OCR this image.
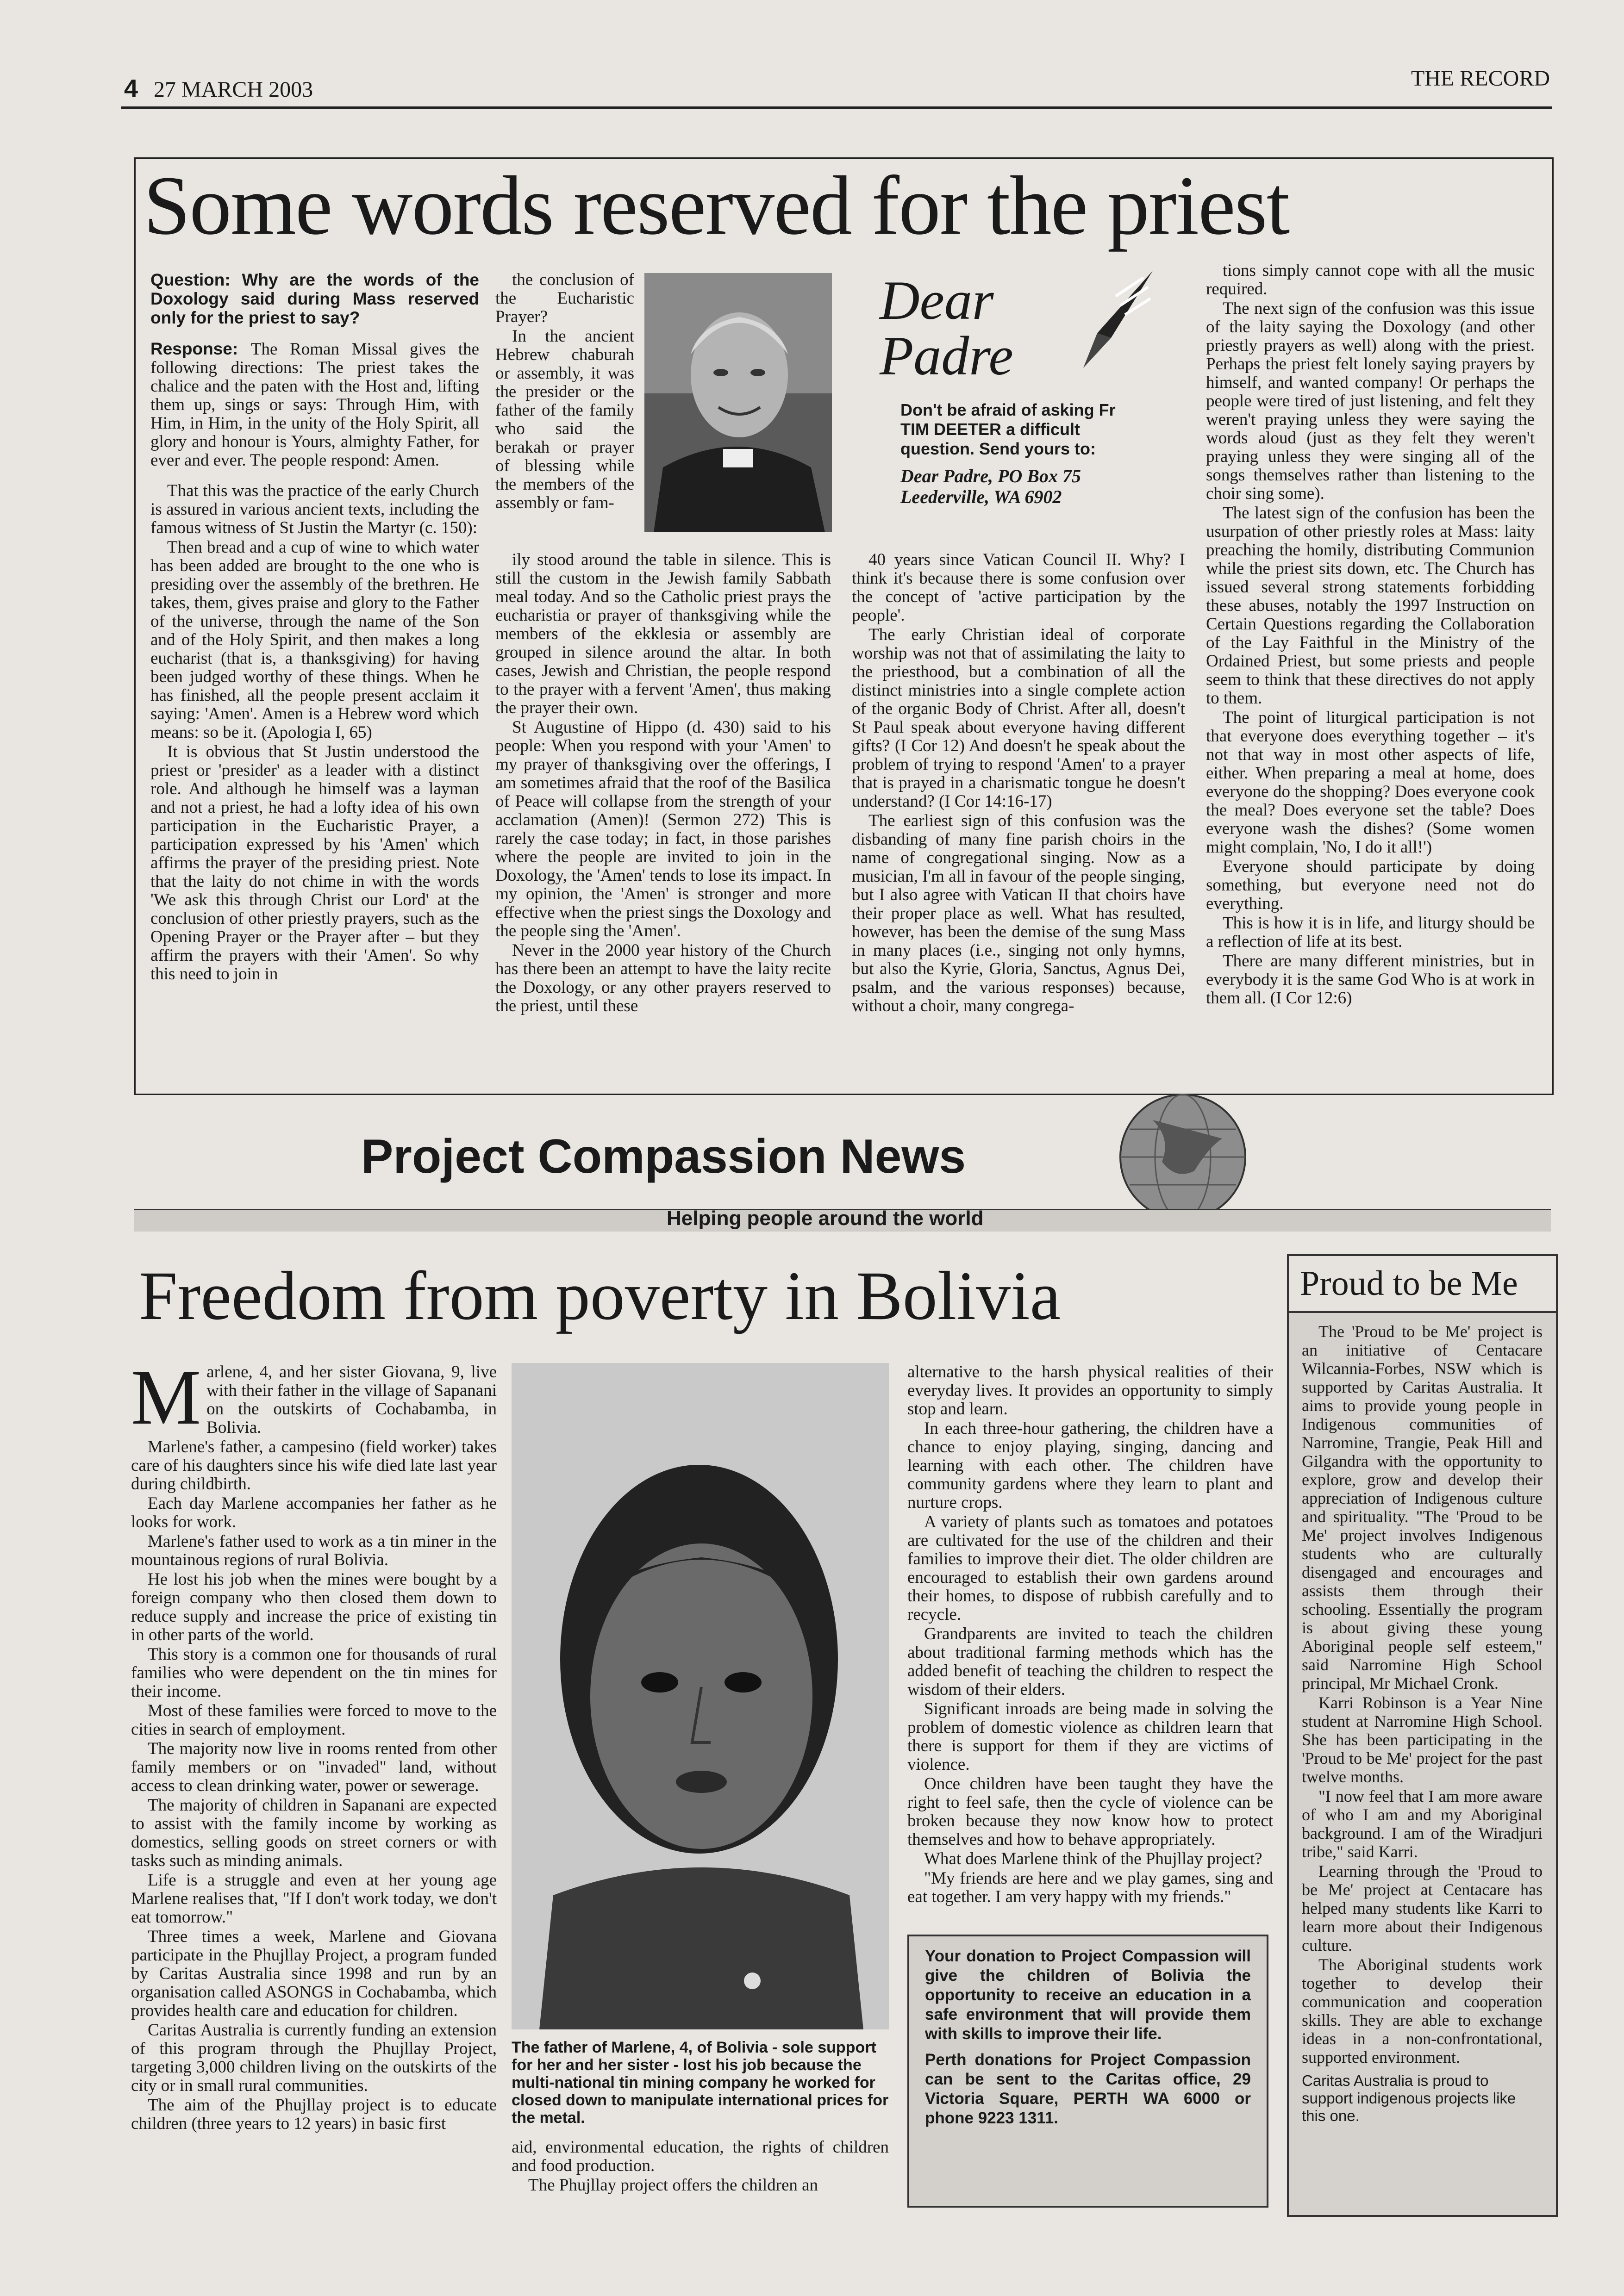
4 27 MARCH 2003	THE RECORD
Some words reserved for the priest

Question: Why are the words of the Doxology said during Mass reserved only for the priest to say?

Response: The Roman Missal gives the following directions: The priest takes the chalice and the paten with the Host and, lifting them up, sings or says: Through Him, with Him, in Him, in the unity of the Holy Spirit, all glory and honour is Yours, almighty Father, for ever and ever. The people respond: Amen.

That this was the practice of the early Church is assured in various ancient texts, including the famous witness of St Justin the Martyr (c. 150):

Then bread and a cup of wine to which water has been added are brought to the one who is presiding over the assembly of the brethren. He takes, them, gives praise and glory to the Father of the universe, through the name of the Son and of the Holy Spirit, and then makes a long eucharist (that is, a thanksgiving) for having been judged worthy of these things. When he has finished, all the people present acclaim it saying: 'Amen'. Amen is a Hebrew word which means: so be it. (Apologia I, 65)

It is obvious that St Justin understood the priest or 'presider' as a leader with a distinct role. And although he himself was a layman and not a priest, he had a lofty idea of his own participation in the Eucharistic Prayer, a participation expressed by his 'Amen' which affirms the prayer of the presiding priest. Note that the laity do not chime in with the words 'We ask this through Christ our Lord' at the conclusion of other priestly prayers, such as the Opening Prayer or the Prayer after – but they affirm the prayers with their 'Amen'. So why this need to join in

the conclusion of the Eucharistic Prayer?

In the ancient Hebrew chaburah or assembly, it was the presider or the father of the family who said the berakah or prayer of blessing while the members of the assembly or fam-

Dear
Padre
Don't be afraid of asking Fr TIM DEETER a difficult question. Send yours to:
Dear Padre, PO Box 75
Leederville, WA 6902

ily stood around the table in silence. This is still the custom in the Jewish family Sabbath meal today. And so the Catholic priest prays the eucharistia or prayer of thanksgiving while the members of the ekklesia or assembly are grouped in silence around the altar. In both cases, Jewish and Christian, the people respond to the prayer with a fervent 'Amen', thus making the prayer their own.

St Augustine of Hippo (d. 430) said to his people: When you respond with your 'Amen' to my prayer of thanksgiving over the offerings, I am sometimes afraid that the roof of the Basilica of Peace will collapse from the strength of your acclamation (Amen)! (Sermon 272) This is rarely the case today; in fact, in those parishes where the people are invited to join in the Doxology, the 'Amen' tends to lose its impact. In my opinion, the 'Amen' is stronger and more effective when the priest sings the Doxology and the people sing the 'Amen'.

Never in the 2000 year history of the Church has there been an attempt to have the laity recite the Doxology, or any other prayers reserved to the priest, until these

40 years since Vatican Council II. Why? I think it's because there is some confusion over the concept of 'active participation by the people'.

The early Christian ideal of corporate worship was not that of assimilating the laity to the priesthood, but a combination of all the distinct ministries into a single complete action of the organic Body of Christ. After all, doesn't St Paul speak about everyone having different gifts? (I Cor 12) And doesn't he speak about the problem of trying to respond 'Amen' to a prayer that is prayed in a charismatic tongue he doesn't understand? (I Cor 14:16-17)

The earliest sign of this confusion was the disbanding of many fine parish choirs in the name of congregational singing. Now as a musician, I'm all in favour of the people singing, but I also agree with Vatican II that choirs have their proper place as well. What has resulted, however, has been the demise of the sung Mass in many places (i.e., singing not only hymns, but also the Kyrie, Gloria, Sanctus, Agnus Dei, psalm, and the various responses) because, without a choir, many congrega-

tions simply cannot cope with all the music required.

The next sign of the confusion was this issue of the laity saying the Doxology (and other priestly prayers as well) along with the priest. Perhaps the priest felt lonely saying prayers by himself, and wanted company! Or perhaps the people were tired of just listening, and felt they weren't praying unless they were saying the words aloud (just as they felt they weren't praying unless they were singing all of the songs themselves rather than listening to the choir sing some).

The latest sign of the confusion has been the usurpation of other priestly roles at Mass: laity preaching the homily, distributing Communion while the priest sits down, etc. The Church has issued several strong statements forbidding these abuses, notably the 1997 Instruction on Certain Questions regarding the Collaboration of the Lay Faithful in the Ministry of the Ordained Priest, but some priests and people seem to think that these directives do not apply to them.

The point of liturgical participation is not that everyone does everything together – it's not that way in most other aspects of life, either. When preparing a meal at home, does everyone do the shopping? Does everyone cook the meal? Does everyone set the table? Does everyone wash the dishes? (Some women might complain, 'No, I do it all!')

Everyone should participate by doing something, but everyone need not do everything.

This is how it is in life, and liturgy should be a reflection of life at its best.

There are many different ministries, but in everybody it is the same God Who is at work in them all. (I Cor 12:6)

Project Compassion News
Helping people around the world
Freedom from poverty in Bolivia
M arlene, 4, and her sister Giovana, 9, live with their father in the village of Sapanani on the outskirts of Cochabamba, in Bolivia.

Marlene's father, a campesino (field worker) takes care of his daughters since his wife died late last year during childbirth.

Each day Marlene accompanies her father as he looks for work.

Marlene's father used to work as a tin miner in the mountainous regions of rural Bolivia.

He lost his job when the mines were bought by a foreign company who then closed them down to reduce supply and increase the price of existing tin in other parts of the world.

This story is a common one for thousands of rural families who were dependent on the tin mines for their income.

Most of these families were forced to move to the cities in search of employment.

The majority now live in rooms rented from other family members or on "invaded" land, without access to clean drinking water, power or sewerage.

The majority of children in Sapanani are expected to assist with the family income by working as domestics, selling goods on street corners or with tasks such as minding animals.

Life is a struggle and even at her young age Marlene realises that, "If I don't work today, we don't eat tomorrow."

Three times a week, Marlene and Giovana participate in the Phujllay Project, a program funded by Caritas Australia since 1998 and run by an organisation called ASONGS in Cochabamba, which provides health care and education for children.

Caritas Australia is currently funding an extension of this program through the Phujllay Project, targeting 3,000 children living on the outskirts of the city or in small rural communities.

The aim of the Phujllay project is to educate children (three years to 12 years) in basic first

The father of Marlene, 4, of Bolivia - sole support for her and her sister - lost his job because the multi-national tin mining company he worked for closed down to manipulate international prices for the metal.

aid, environmental education, the rights of children and food production.

The Phujllay project offers the children an

alternative to the harsh physical realities of their everyday lives. It provides an opportunity to simply stop and learn.

In each three-hour gathering, the children have a chance to enjoy playing, singing, dancing and learning with each other. The children have community gardens where they learn to plant and nurture crops.

A variety of plants such as tomatoes and potatoes are cultivated for the use of the children and their families to improve their diet. The older children are encouraged to establish their own gardens around their homes, to dispose of rubbish carefully and to recycle.

Grandparents are invited to teach the children about traditional farming methods which has the added benefit of teaching the children to respect the wisdom of their elders.

Significant inroads are being made in solving the problem of domestic violence as children learn that there is support for them if they are victims of violence.

Once children have been taught they have the right to feel safe, then the cycle of violence can be broken because they now know how to protect themselves and how to behave appropriately.

What does Marlene think of the Phujllay project?

"My friends are here and we play games, sing and eat together. I am very happy with my friends."

Your donation to Project Compassion will give the children of Bolivia the opportunity to receive an education in a safe environment that will provide them with skills to improve their life.
Perth donations for Project Compassion can be sent to the Caritas office, 29 Victoria Square, PERTH WA 6000 or phone 9223 1311.
Proud to be Me

The 'Proud to be Me' project is an initiative of Centacare Wilcannia-Forbes, NSW which is supported by Caritas Australia. It aims to provide young people in Indigenous communities of Narromine, Trangie, Peak Hill and Gilgandra with the opportunity to explore, grow and develop their appreciation of Indigenous culture and spirituality. "The 'Proud to be Me' project involves Indigenous students who are culturally disengaged and encourages and assists them through their schooling. Essentially the program is about giving these young Aboriginal people self esteem," said Narromine High School principal, Mr Michael Cronk.

Karri Robinson is a Year Nine student at Narromine High School. She has been participating in the 'Proud to be Me' project for the past twelve months.

"I now feel that I am more aware of who I am and my Aboriginal background. I am of the Wiradjuri tribe," said Karri.

Learning through the 'Proud to be Me' project at Centacare has helped many students like Karri to learn more about their Indigenous culture.

The Aboriginal students work together to develop their communication and cooperation skills. They are able to exchange ideas in a non-confrontational, supported environment.

Caritas Australia is proud to support indigenous projects like this one.
